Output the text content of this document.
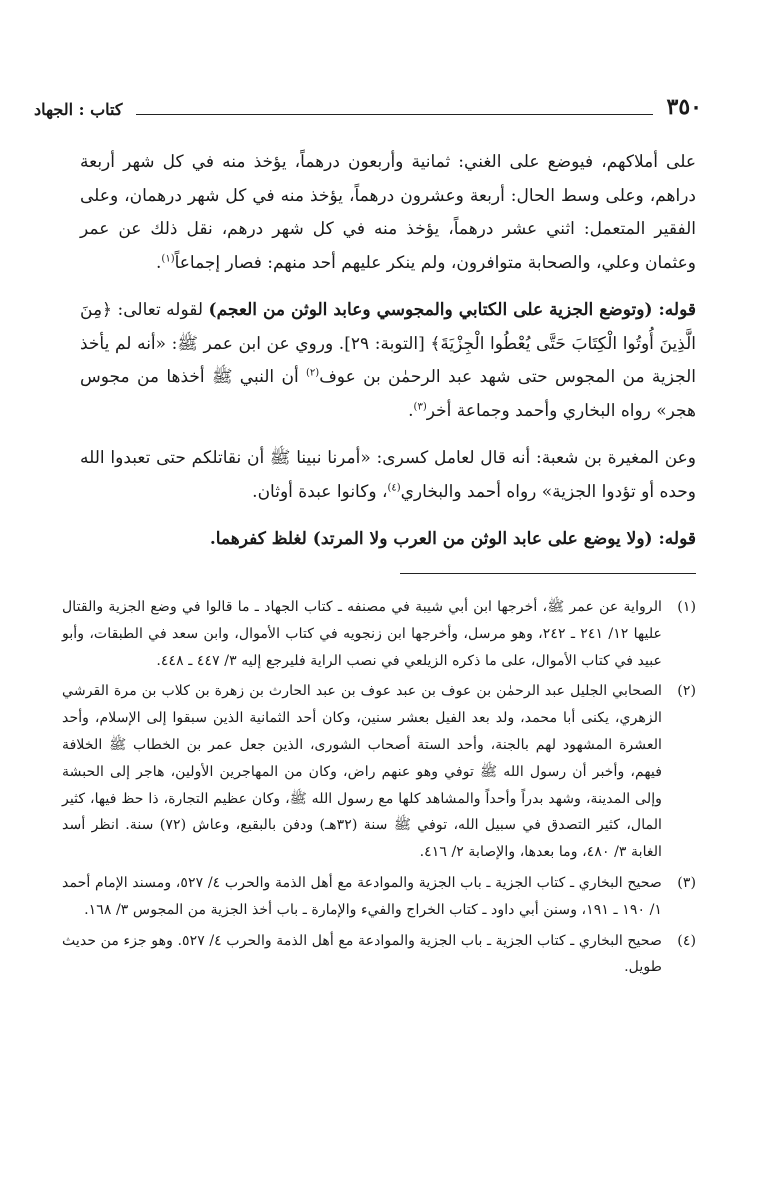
٣٥٠
كتاب : الجهاد

على أملاكهم، فيوضع على الغني: ثمانية وأربعون درهماً، يؤخذ منه في كل شهر أربعة دراهم، وعلى وسط الحال: أربعة وعشرون درهماً، يؤخذ منه في كل شهر درهمان، وعلى الفقير المتعمل: اثني عشر درهماً، يؤخذ منه في كل شهر درهم، نقل ذلك عن عمر وعثمان وعلي، والصحابة متوافرون، ولم ينكر عليهم أحد منهم: فصار إجماعاً$^{(١)}$.

قوله: (وتوضع الجزية على الكتابي والمجوسي وعابد الوثن من العجم) لقوله تعالى: ﴿مِنَ الَّذِينَ أُوتُوا الْكِتَابَ حَتَّى يُعْطُوا الْجِزْيَةَ﴾ [التوبة: ٢٩]. وروي عن ابن عمر ﷺ: «أنه لم يأخذ الجزية من المجوس حتى شهد عبد الرحمٰن بن عوف$^{(٢)}$ أن النبي ﷺ أخذها من مجوس هجر» رواه البخاري وأحمد وجماعة أخر$^{(٣)}$.

وعن المغيرة بن شعبة: أنه قال لعامل كسرى: «أمرنا نبينا ﷺ أن نقاتلكم حتى تعبدوا الله وحده أو تؤدوا الجزية» رواه أحمد والبخاري$^{(٤)}$، وكانوا عبدة أوثان.

قوله: (ولا يوضع على عابد الوثن من العرب ولا المرتد) لغلظ كفرهما.

(١)
الرواية عن عمر ﷺ، أخرجها ابن أبي شيبة في مصنفه ـ كتاب الجهاد ـ ما قالوا في وضع الجزية والقتال عليها ١٢/ ٢٤١ ـ ٢٤٢، وهو مرسل، وأخرجها ابن زنجويه في كتاب الأموال، وابن سعد في الطبقات، وأبو عبيد في كتاب الأموال، على ما ذكره الزيلعي في نصب الراية فليرجع إليه ٣/ ٤٤٧ ـ ٤٤٨.
(٢)
الصحابي الجليل عبد الرحمٰن بن عوف بن عبد عوف بن عبد الحارث بن زهرة بن كلاب بن مرة القرشي الزهري، يكنى أبا محمد، ولد بعد الفيل بعشر سنين، وكان أحد الثمانية الذين سبقوا إلى الإسلام، وأحد العشرة المشهود لهم بالجنة، وأحد الستة أصحاب الشورى، الذين جعل عمر بن الخطاب ﷺ الخلافة فيهم، وأخبر أن رسول الله ﷺ توفي وهو عنهم راض، وكان من المهاجرين الأولين، هاجر إلى الحبشة وإلى المدينة، وشهد بدراً وأحداً والمشاهد كلها مع رسول الله ﷺ، وكان عظيم التجارة، ذا حظ فيها، كثير المال، كثير التصدق في سبيل الله، توفي ﷺ سنة (٣٢هـ) ودفن بالبقيع، وعاش (٧٢) سنة. انظر أسد الغابة ٣/ ٤٨٠، وما بعدها، والإصابة ٢/ ٤١٦.
(٣)
صحيح البخاري ـ كتاب الجزية ـ باب الجزية والموادعة مع أهل الذمة والحرب ٤/ ٥٢٧، ومسند الإمام أحمد ١/ ١٩٠ ـ ١٩١، وسنن أبي داود ـ كتاب الخراج والفيء والإمارة ـ باب أخذ الجزية من المجوس ٣/ ١٦٨.
(٤)
صحيح البخاري ـ كتاب الجزية ـ باب الجزية والموادعة مع أهل الذمة والحرب ٤/ ٥٢٧. وهو جزء من حديث طويل.
